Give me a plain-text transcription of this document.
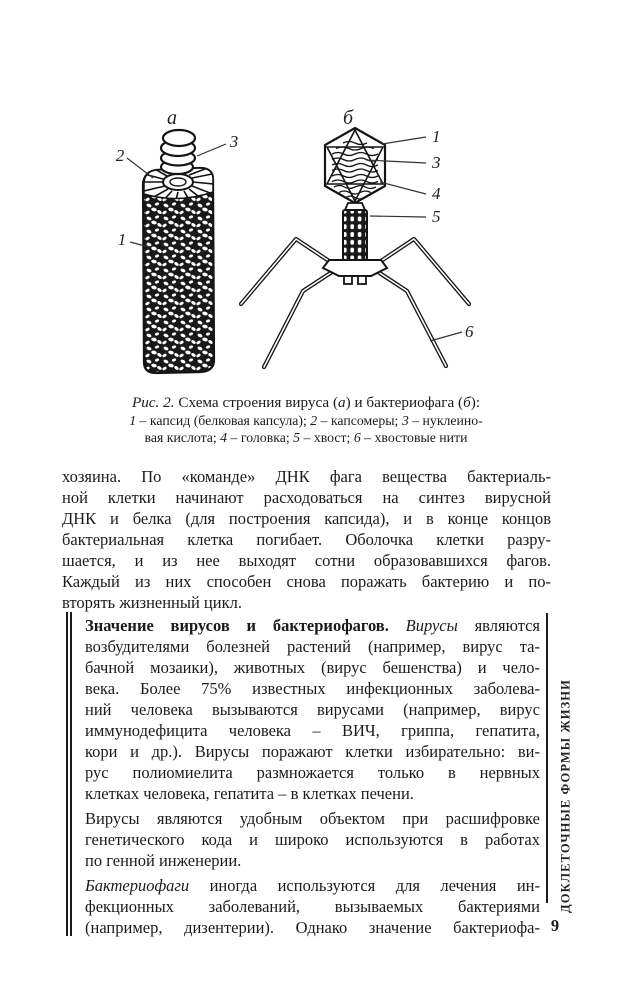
а
2
3
1
б
1
3
4
5
6
Рис. 2. Схема строения вируса (а) и бактериофага (б):
1 – капсид (белковая капсула); 2 – капсомеры; 3 – нуклеино-
вая кислота; 4 – головка; 5 – хвост; 6 – хвостовые нити
хозяина. По «команде» ДНК фага вещества бактериаль-
ной клетки начинают расходоваться на синтез вирусной
ДНК и белка (для построения капсида), и в конце концов
бактериальная клетка погибает. Оболочка клетки разру-
шается, и из нее выходят сотни образовавшихся фагов.
Каждый из них способен снова поражать бактерию и по-
вторять жизненный цикл.
Значение вирусов и бактериофагов. Вирусы являются
возбудителями болезней растений (например, вирус та-
бачной мозаики), животных (вирус бешенства) и чело-
века. Более 75% известных инфекционных заболева-
ний человека вызываются вирусами (например, вирус
иммунодефицита человека – ВИЧ, гриппа, гепатита,
кори и др.). Вирусы поражают клетки избирательно: ви-
рус полиомиелита размножается только в нервных
клетках человека, гепатита – в клетках печени.
Вирусы являются удобным объектом при расшифровке
генетического кода и широко используются в работах
по генной инженерии.
Бактериофаги иногда используются для лечения ин-
фекционных заболеваний, вызываемых бактериями
(например, дизентерии). Однако значение бактериофа-
ДОКЛЕТОЧНЫЕ ФОРМЫ ЖИЗНИ
9
